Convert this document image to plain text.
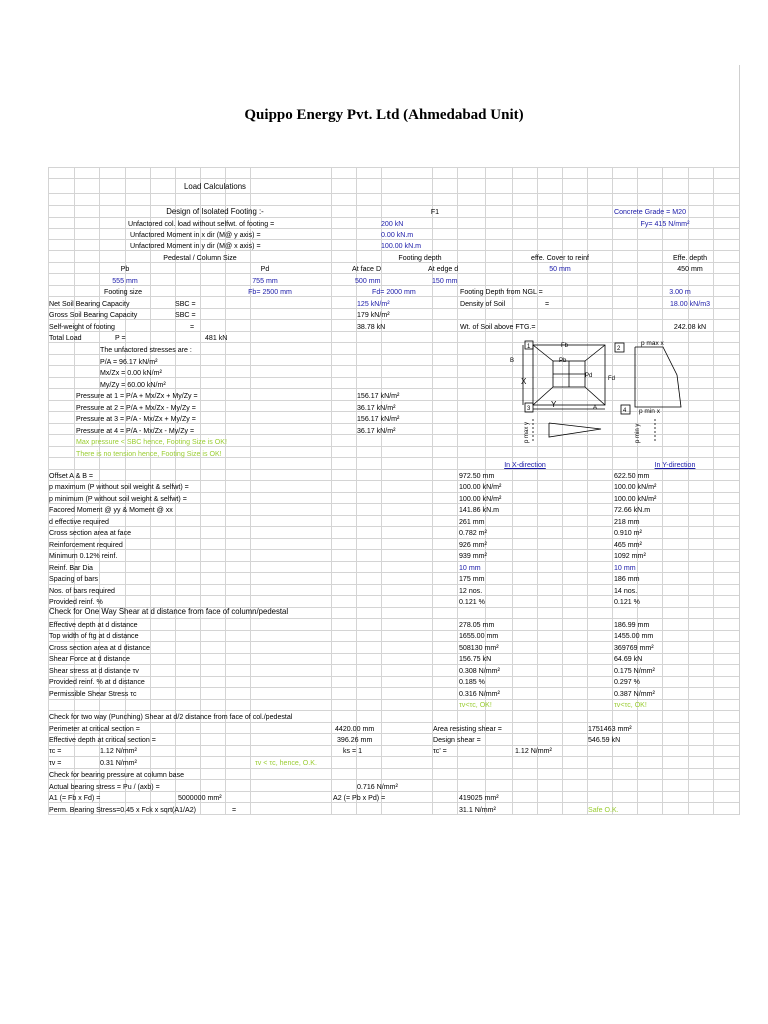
Quippo Energy Pvt. Ltd (Ahmedabad Unit)
Load Calculations
Design of Isolated Footing :-	F1	Concrete Grade = M20
Unfactored col. load without selfwt. of footing =	200 kN	Fy= 415 N/mm²
Unfactored Moment in x dir (M@ y axis) =	0.00 kN.m
Unfactored Moment in y dir (M@ x axis) =	100.00 kN.m
Pedestal / Column Size	Footing depth	effe. Cover to reinf	Effe. depth
Pb	Pd	At face D	At edge d	50 mm	450 mm
555 mm	755 mm	500 mm	150 mm
Footing size	Fb= 2500 mm	Fd= 2000 mm	Footing Depth from NGL =	3.00 m
Net Soil Bearing Capacity	SBC =	125 kN/m²	Density of Soil	=	18.00 kN/m3
Gross Soil Bearing Capacity	SBC =	179 kN/m²
Self-weight of footing	=	38.78 kN	Wt. of Soil above FTG.=	242.08 kN
Total Load	P =	481 kN
The unfactored stresses are :
P/A = 96.17 kN/m²
Mx/Zx = 0.00 kN/m²
My/Zy = 60.00 kN/m²
Pressure at 1 = P/A + Mx/Zx + My/Zy =	156.17 kN/m²
Pressure at 2 = P/A + Mx/Zx - My/Zy =	36.17 kN/m²
Pressure at 3 = P/A - Mx/Zx + My/Zy =	156.17 kN/m²
Pressure at 4 = P/A - Mx/Zx - My/Zy =	36.17 kN/m²
Max pressure < SBC hence, Footing Size is OK!
There is no tension hence, Footing Size is OK!
Fb
Pb
Pd	Fd
B
X
Y	A
1	2
3	4
p max x
p min x
p max y	p min y
In X-direction	In Y-direction
Offset A & B =	972.50 mm	622.50 mm
p maximum (P without soil weight & selfwt) =	100.00 kN/m²	100.00 kN/m²
p minimum (P without soil weight & selfwt) =	100.00 kN/m²	100.00 kN/m²
Facored Moment @ yy & Moment @ xx	141.86 kN.m	72.66 kN.m
d effective required	261 mm	218 mm
Cross section area at face	0.782 m²	0.910 m²
Reinforcement required	926 mm²	465 mm²
Minimum 0.12% reinf.	939 mm²	1092 mm²
Reinf. Bar Dia	10 mm	10 mm
Spacing of bars	175 mm	186 mm
Nos. of bars required	12 nos.	14 nos.
Provided reinf. %	0.121 %	0.121 %
Check for One Way Shear at d distance from face of column/pedestal
Effective depth at d distance	278.05 mm	186.99 mm
Top width of ftg at d distance	1655.00 mm	1455.00 mm
Cross section area at d distance	508130 mm²	369769 mm²
Shear Force at d distance	156.75 kN	64.69 kN
Shear stress at d distance τv	0.308 N/mm²	0.175 N/mm²
Provided reinf. % at d distance	0.185 %	0.297 %
Permissible Shear Stress τc	0.316 N/mm²	0.387 N/mm²
τv<τc, OK!	τv<τc, OK!
Check for two way (Punching) Shear at d/2 distance from face of col./pedestal
Perimeter at critical section =	4420.00 mm	Area resisting shear =	1751463 mm²
Effective depth at critical section =	396.26 mm	Design shear =	546.59 kN
τc =	1.12 N/mm²	ks = 1	τc' =	1.12 N/mm²
τv =	0.31 N/mm²	τv < τc, hence, O.K.
Check for bearing pressure at column base
Actual bearing stress = Pu / (axb) =	0.716 N/mm²
A1 (= Fb x Fd) =	5000000 mm²	A2 (= Pb x Pd) =	419025 mm²
Perm. Bearing Stress=0.45 x Fck x sqrt(A1/A2)	=	31.1 N/mm²	Safe O.K.
